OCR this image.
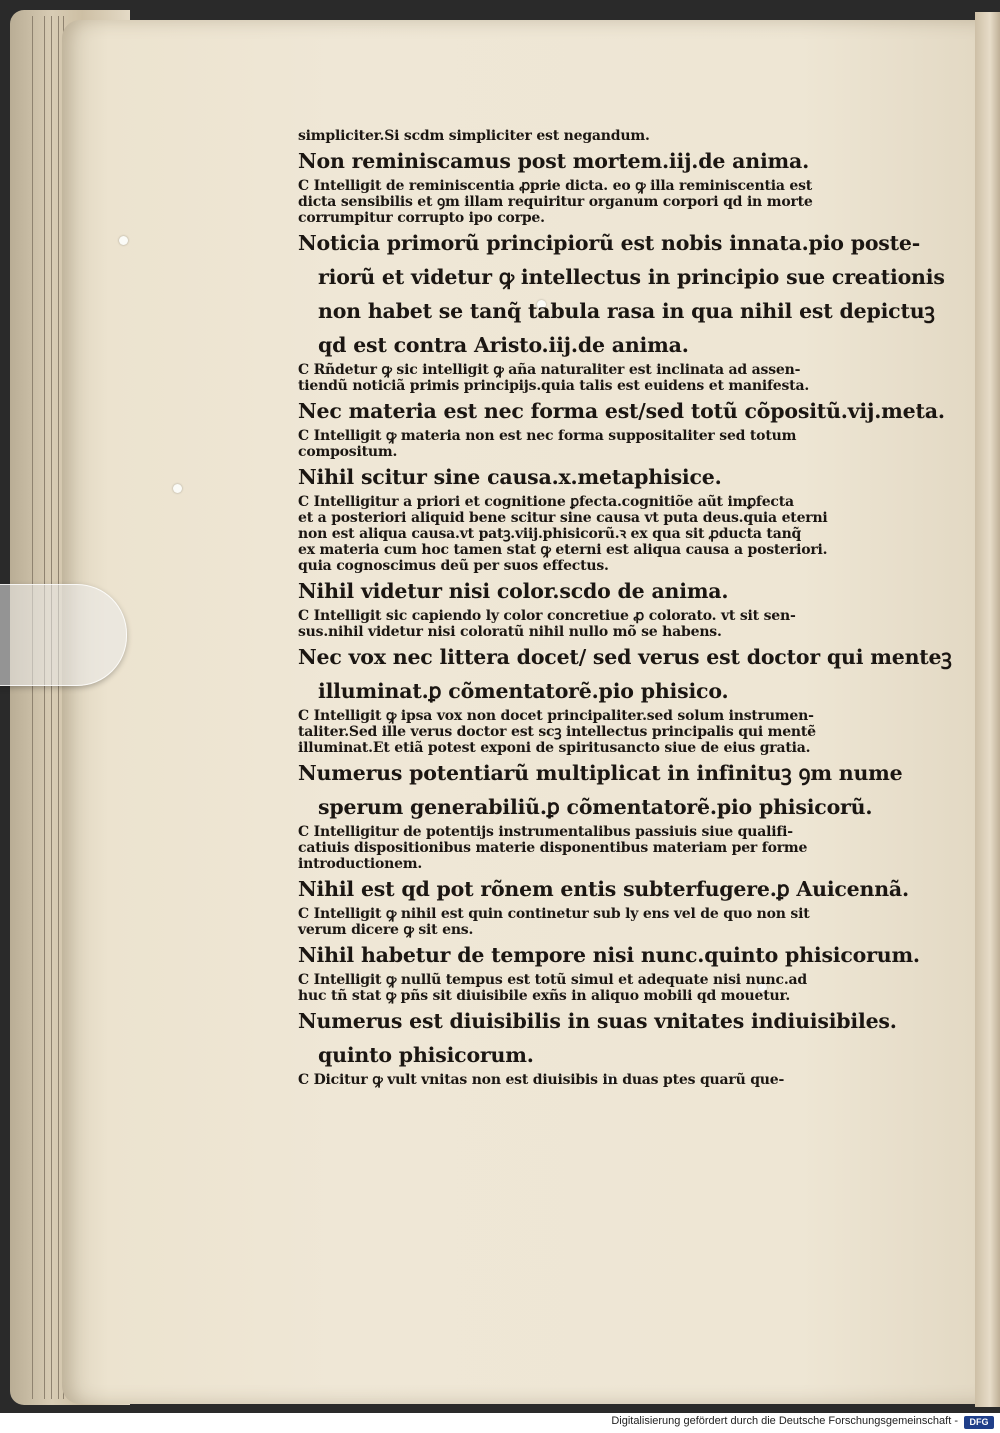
simpliciter.Si scdm simpliciter est negandum.
Non reminiscamus post mortem.iij.de anima.
C Intelligit de reminiscentia ꝓprie dicta. eo ꝙ illa reminiscentia est
dicta sensibilis et ꝯm illam requiritur organum corpori qd in morte
corrumpitur corrupto ipo corpe.
Noticia primorũ principiorũ est nobis innata.pio poste-
riorũ et videtur ꝙ intellectus in principio sue creationis
non habet se tanq̃ tabula rasa in qua nihil est depictuꝫ
qd est contra Aristo.iij.de anima.
C Rñdetur ꝙ sic intelligit ꝙ aña naturaliter est inclinata ad assen-
tiendũ noticiã primis principijs.quia talis est euidens et manifesta.
Nec materia est nec forma est/sed totũ cõpositũ.vij.meta.
C Intelligit ꝙ materia non est nec forma suppositaliter sed totum
compositum.
Nihil scitur sine causa.x.metaphisice.
C Intelligitur a priori et cognitione ꝑfecta.cognitiõe aũt imꝑfecta
et a posteriori aliquid bene scitur sine causa vt puta deus.quia eterni
non est aliqua causa.vt patꝫ.viij.phisicorũ.ꝛ ex qua sit ꝓducta tanq̃
ex materia cum hoc tamen stat ꝙ eterni est aliqua causa a posteriori.
quia cognoscimus deũ per suos effectus.
Nihil videtur nisi color.scdo de anima.
C Intelligit sic capiendo ly color concretiue ꝓ colorato. vt sit sen-
sus.nihil videtur nisi coloratũ nihil nullo mõ se habens.
Nec vox nec littera docet/ sed verus est doctor qui menteꝫ
illuminat.ꝑ cõmentatorẽ.pio phisico.
C Intelligit ꝙ ipsa vox non docet principaliter.sed solum instrumen-
taliter.Sed ille verus doctor est scꝫ intellectus principalis qui mentẽ
illuminat.Et etiã potest exponi de spiritusancto siue de eius gratia.
Numerus potentiarũ multiplicat in infinituꝫ ꝯm nume
sperum generabiliũ.ꝑ cõmentatorẽ.pio phisicorũ.
C Intelligitur de potentijs instrumentalibus passiuis siue qualifi-
catiuis dispositionibus materie disponentibus materiam per forme
introductionem.
Nihil est qd pot rõnem entis subterfugere.ꝑ Auicennã.
C Intelligit ꝙ nihil est quin continetur sub ly ens vel de quo non sit
verum dicere ꝙ sit ens.
Nihil habetur de tempore nisi nunc.quinto phisicorum.
C Intelligit ꝙ nullũ tempus est totũ simul et adequate nisi nunc.ad
huc tñ stat ꝙ pñs sit diuisibile exñs in aliquo mobili qd mouetur.
Numerus est diuisibilis in suas vnitates indiuisibiles.
quinto phisicorum.
C Dicitur ꝙ vult vnitas non est diuisibis in duas ptes quarũ que-
Digitalisierung gefördert durch die Deutsche Forschungsgemeinschaft -	DFG
